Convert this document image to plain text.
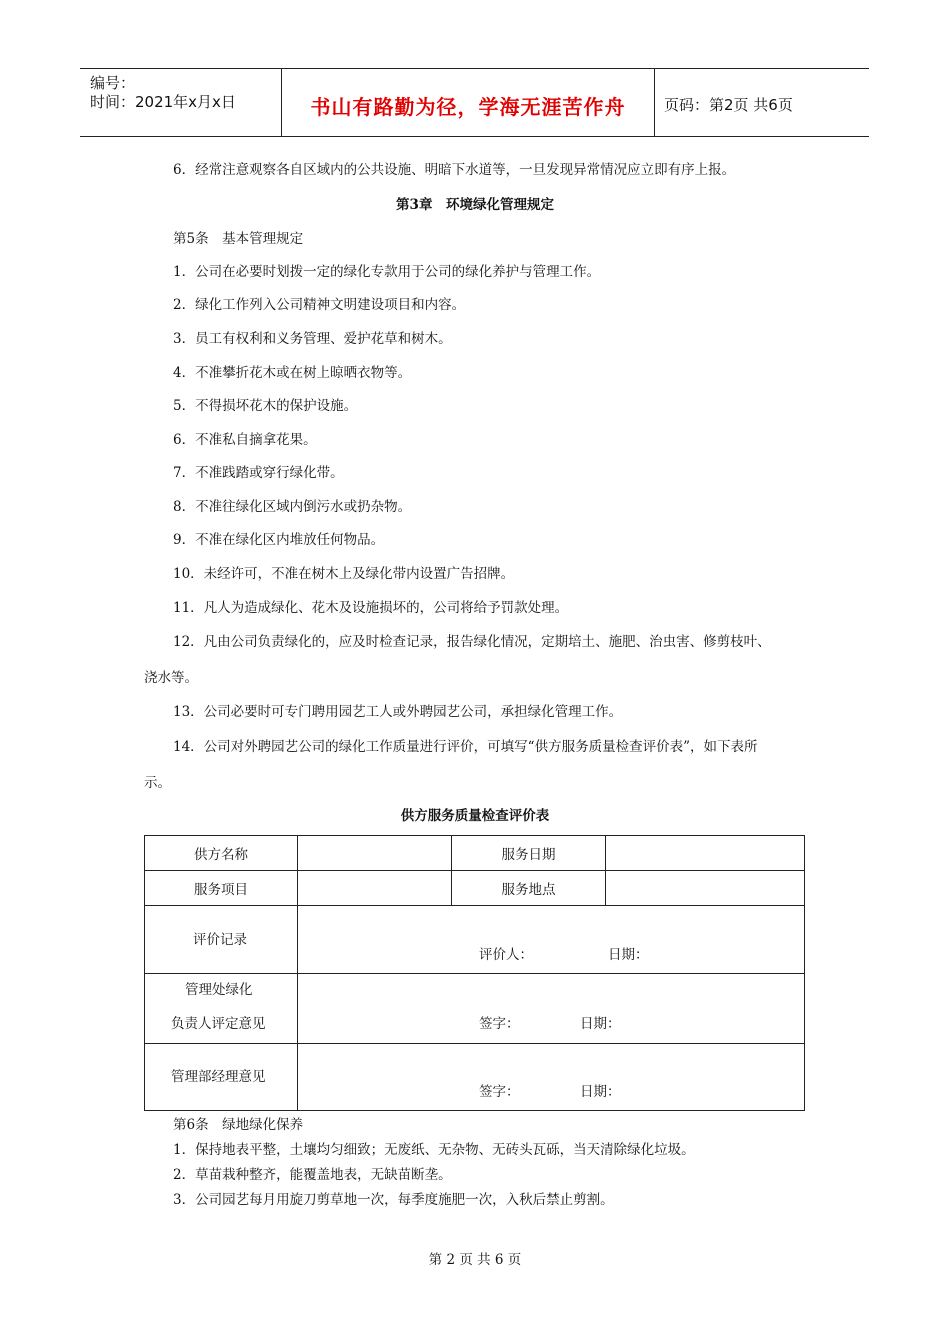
编号：
时间：2021年x月x日	书山有路勤为径，学海无涯苦作舟	页码：第2页 共6页
6．经常注意观察各自区域内的公共设施、明暗下水道等，一旦发现异常情况应立即有序上报。
第3章　环境绿化管理规定
第5条　基本管理规定
1．公司在必要时划拨一定的绿化专款用于公司的绿化养护与管理工作。
2．绿化工作列入公司精神文明建设项目和内容。
3．员工有权利和义务管理、爱护花草和树木。
4．不准攀折花木或在树上晾晒衣物等。
5．不得损坏花木的保护设施。
6．不准私自摘拿花果。
7．不准践踏或穿行绿化带。
8．不准往绿化区域内倒污水或扔杂物。
9．不准在绿化区内堆放任何物品。
10．未经许可，不准在树木上及绿化带内设置广告招牌。
11．凡人为造成绿化、花木及设施损坏的，公司将给予罚款处理。
12．凡由公司负责绿化的，应及时检查记录，报告绿化情况，定期培土、施肥、治虫害、修剪枝叶、
浇水等。
13．公司必要时可专门聘用园艺工人或外聘园艺公司，承担绿化管理工作。
14．公司对外聘园艺公司的绿化工作质量进行评价，可填写“供方服务质量检查评价表”，如下表所
示。
供方服务质量检查评价表
供方名称		服务日期	
服务项目		服务地点	

评价记录	评价人： 日期：		

管理处绿化
负责人评定意见	签字： 日期：		

管理部经理意见	签字： 日期：		
第6条　绿地绿化保养
1．保持地表平整，土壤均匀细致；无废纸、无杂物、无砖头瓦砾，当天清除绿化垃圾。
2．草苗栽种整齐，能覆盖地表，无缺苗断垄。
3．公司园艺每月用旋刀剪草地一次，每季度施肥一次，入秋后禁止剪割。
第 2 页 共 6 页
